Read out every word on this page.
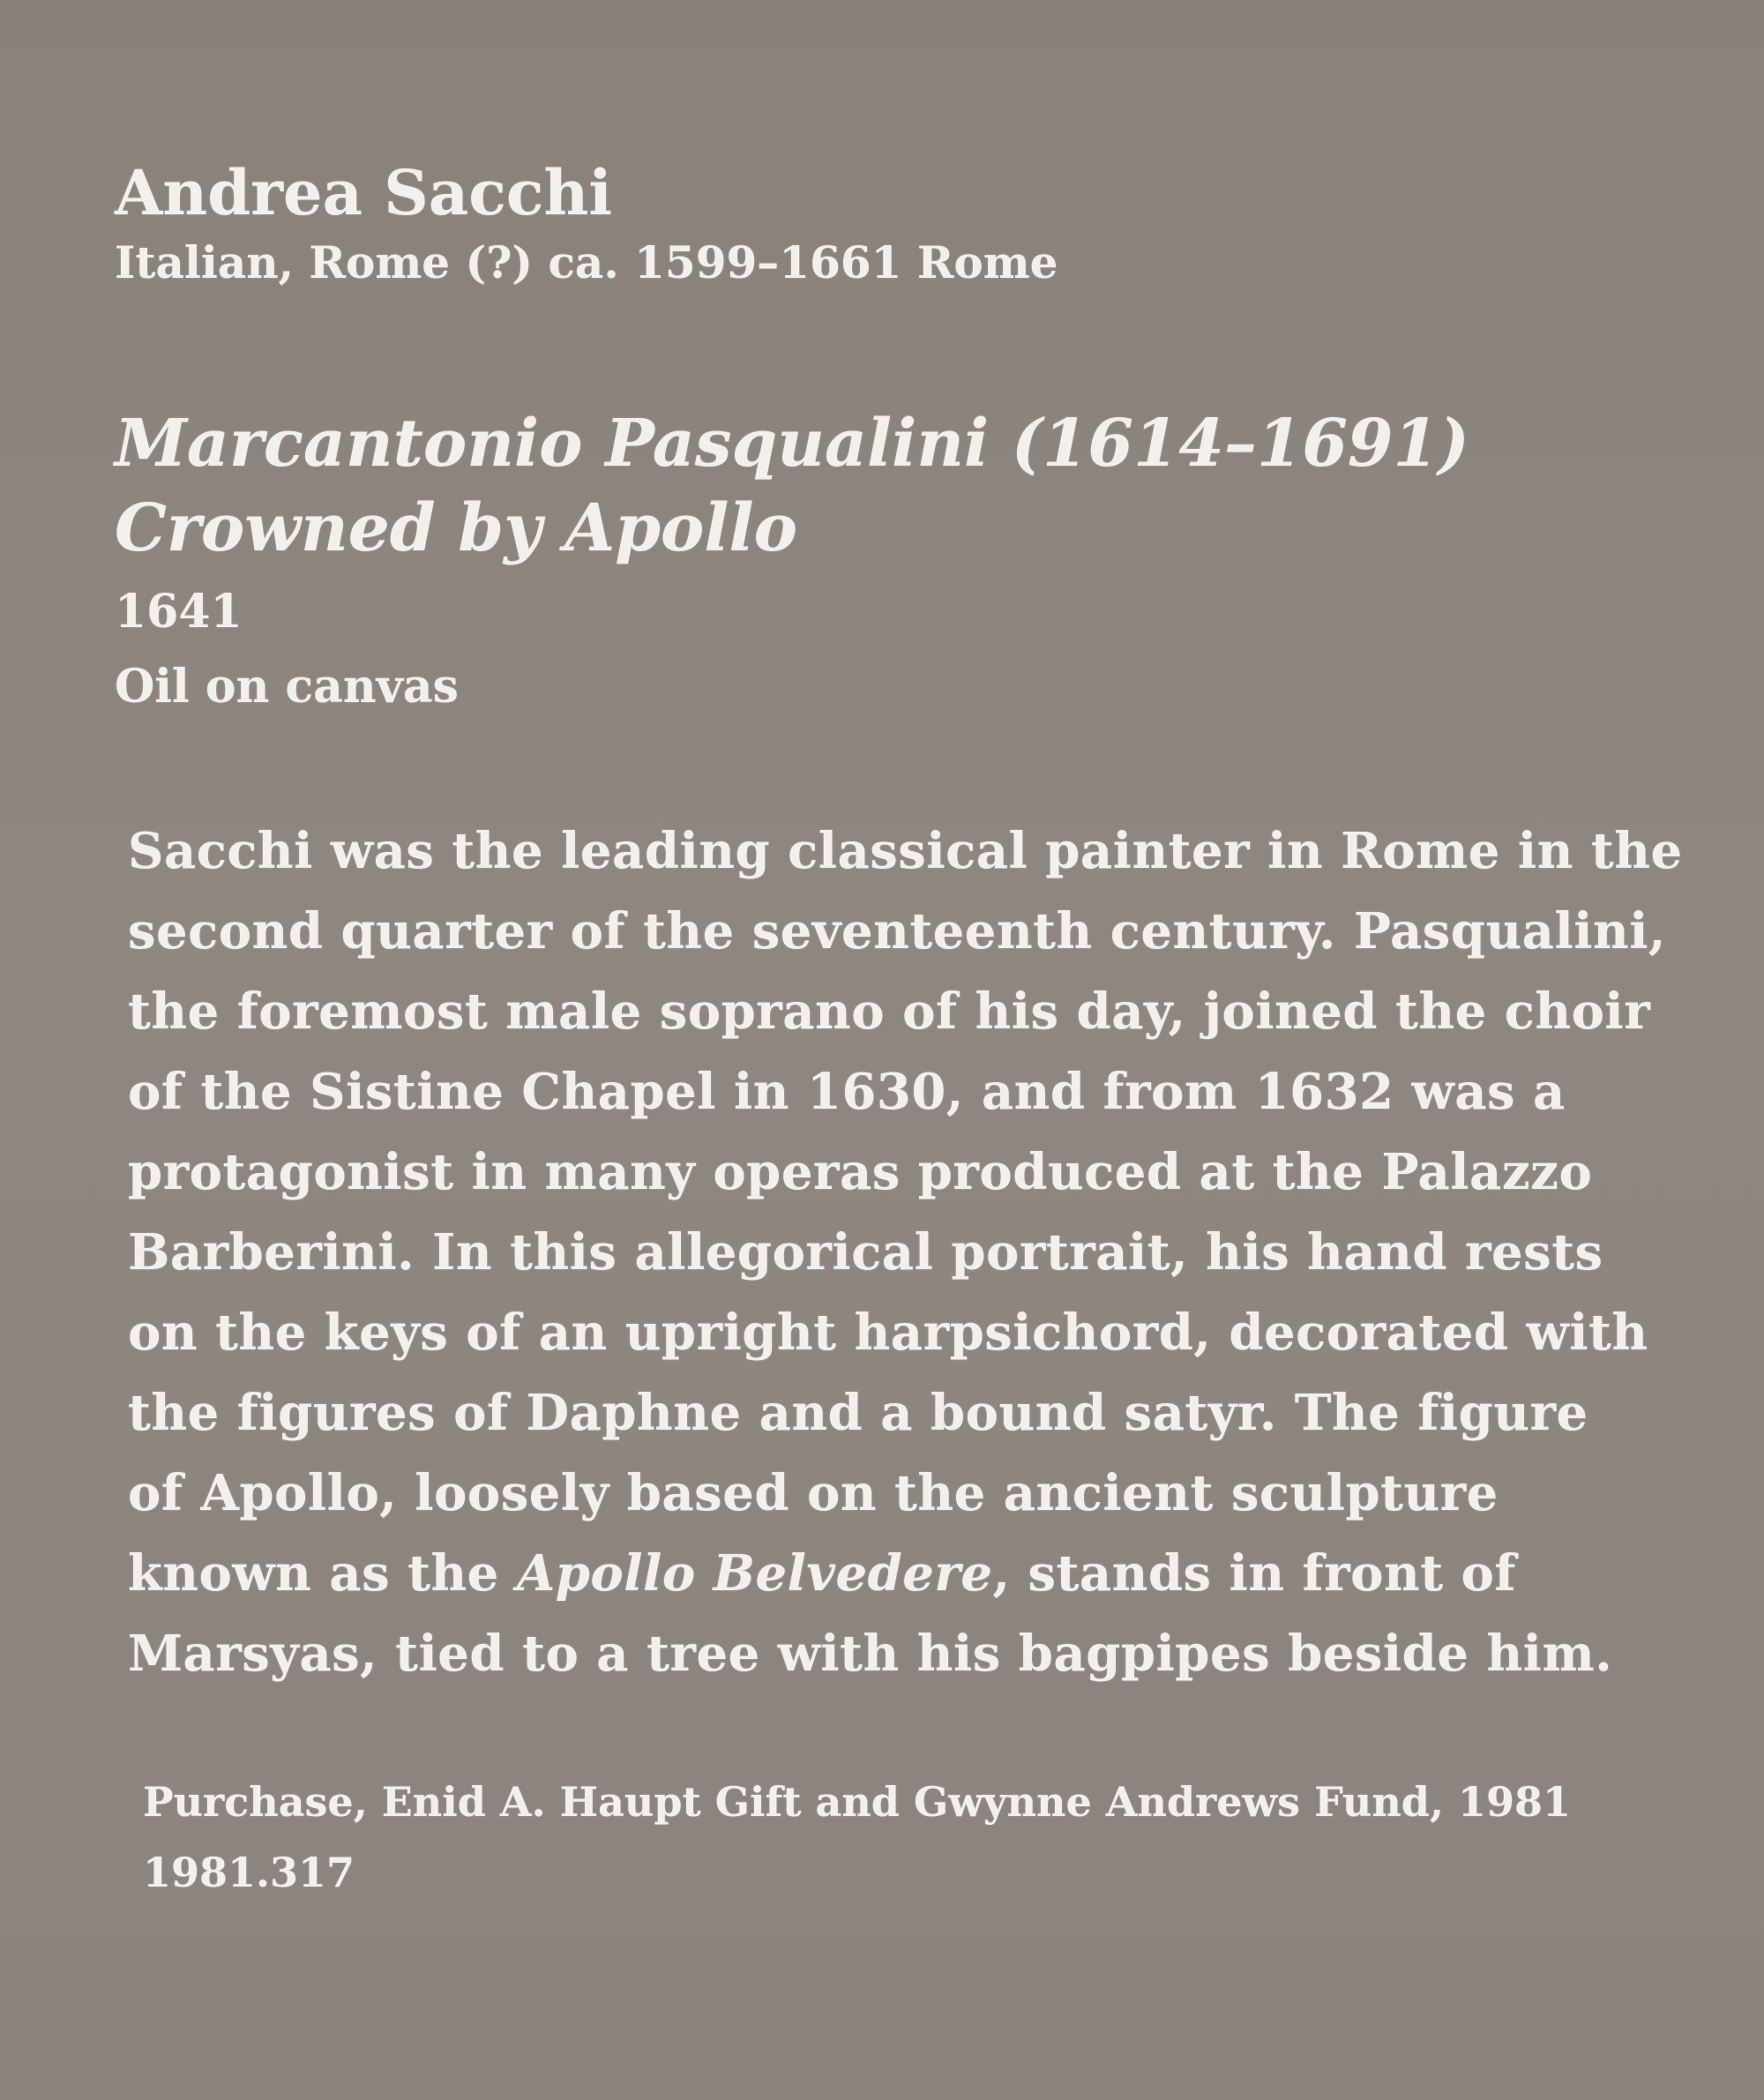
Andrea Sacchi
Italian, Rome (?) ca. 1599–1661 Rome
Marcantonio Pasqualini (1614–1691)
Crowned by Apollo
1641
Oil on canvas
Sacchi was the leading classical painter in Rome in the
second quarter of the seventeenth century. Pasqualini,
the foremost male soprano of his day, joined the choir
of the Sistine Chapel in 1630, and from 1632 was a
protagonist in many operas produced at the Palazzo
Barberini. In this allegorical portrait, his hand rests
on the keys of an upright harpsichord, decorated with
the figures of Daphne and a bound satyr. The figure
of Apollo, loosely based on the ancient sculpture
known as the Apollo Belvedere, stands in front of
Marsyas, tied to a tree with his bagpipes beside him.
Purchase, Enid A. Haupt Gift and Gwynne Andrews Fund, 1981
1981.317
